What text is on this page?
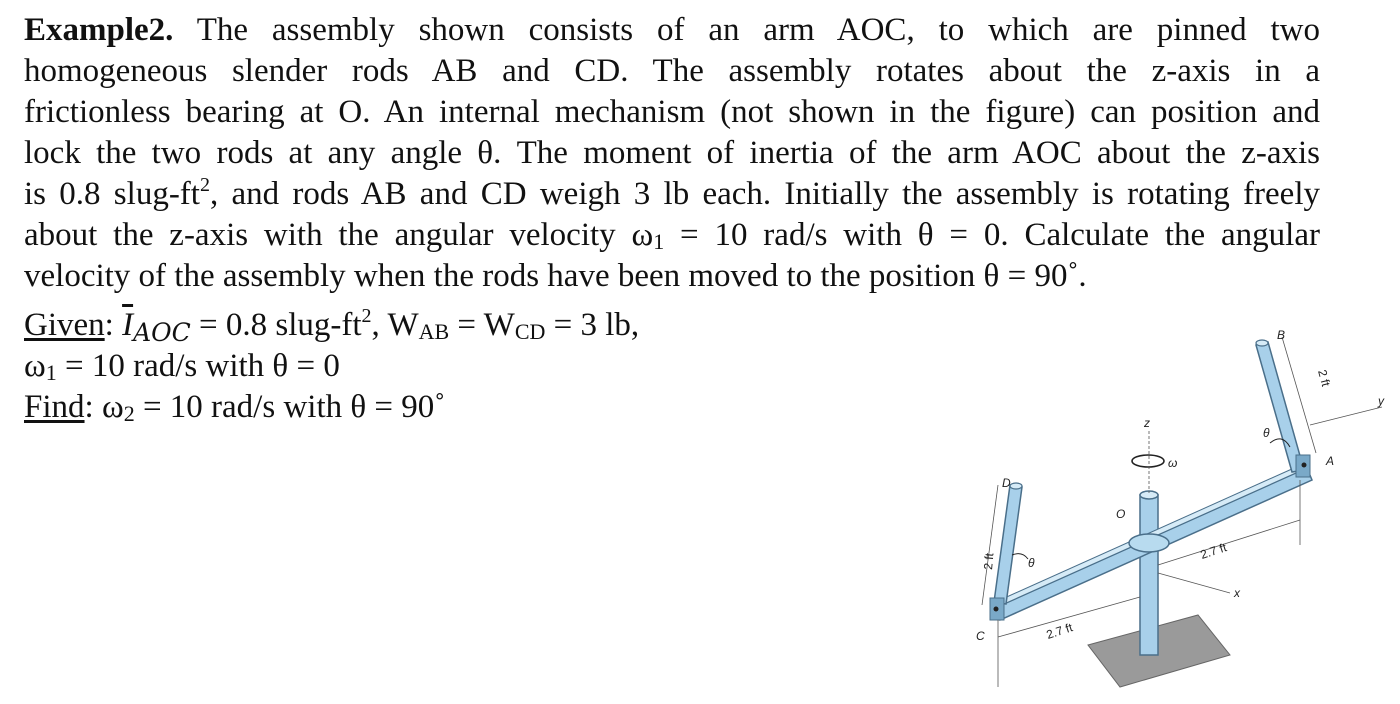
Example2. The assembly shown consists of an arm AOC, to which are pinned two
homogeneous slender rods AB and CD. The assembly rotates about the z-axis in a
frictionless bearing at O. An internal mechanism (not shown in the figure) can position and
lock the two rods at any angle θ. The moment of inertia of the arm AOC about the z-axis
is 0.8 slug-$ft^2$, and rods AB and CD weigh 3 lb each. Initially the assembly is rotating freely
about the z-axis with the angular velocity ω1 = 10 rad/s with θ = 0. Calculate the angular
velocity of the assembly when the rods have been moved to the position θ = 90˚.
Given: $\overline{I}AOC = 0.8$ slug-$ft^2$, WAB = WCD = 3 lb,
ω1 = 10 rad/s with θ = 0
Find: ω2 = 10 rad/s with θ = 90˚
B
A
C
D
O
z
y
x
ω
θ
θ
2 ft
2 ft	2.7 ft
2.7 ft
